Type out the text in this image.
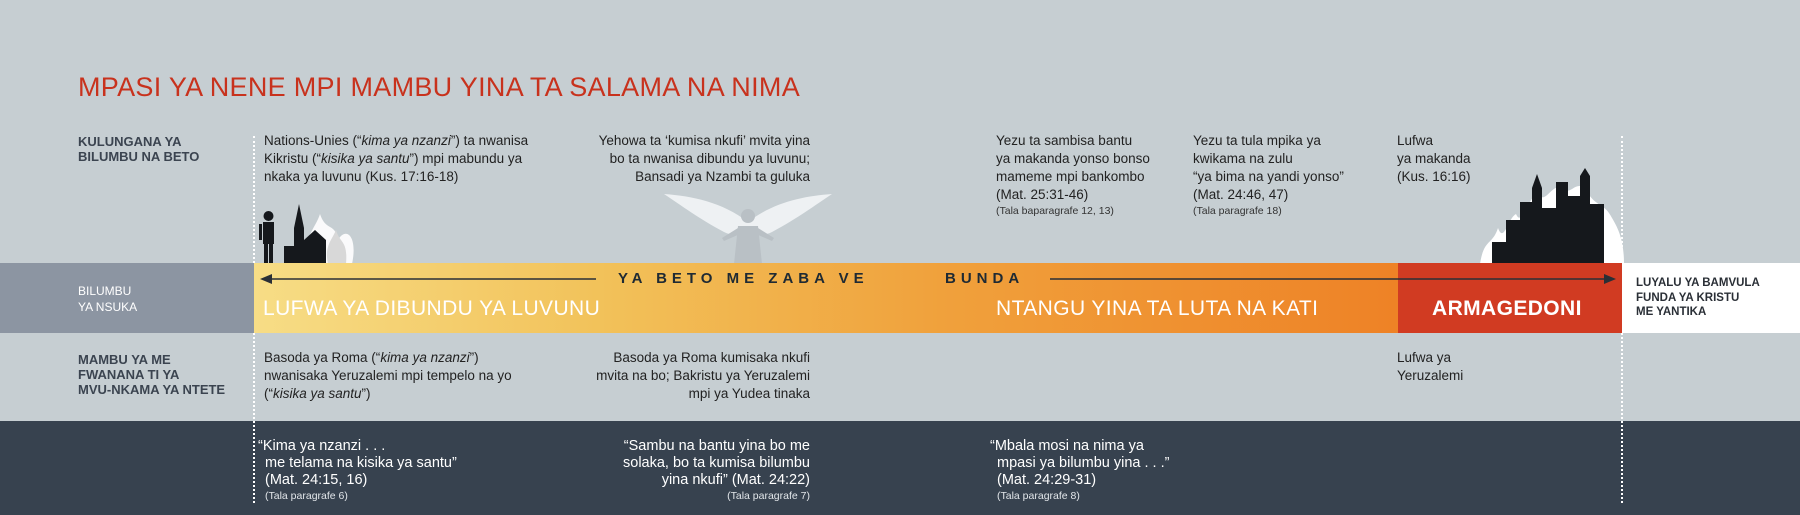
MPASI YA NENE MPI MAMBU YINA TA SALAMA NA NIMA
KULUNGANA YA
BILUMBU NA BETO
MAMBU YA ME
FWANANA TI YA
MVU-NKAMA YA NTETE
Nations-Unies (“kima ya nzanzi”) ta nwanisa Kikristu (“kisika ya santu”) mpi mabundu ya nkaka ya luvunu (Kus. 17:16-18)
Yehowa ta ‘kumisa nkufi’ mvita yina
bo ta nwanisa dibundu ya luvunu;
Bansadi ya Nzambi ta guluka
Yezu ta sambisa bantu
ya makanda yonso bonso
mameme mpi bankombo
(Mat. 25:31-46)
(Tala baparagrafe 12, 13)
Yezu ta tula mpika ya
kwikama na zulu
“ya bima na yandi yonso”
(Mat. 24:46, 47)
(Tala paragrafe 18)
Lufwa
ya makanda
(Kus. 16:16)
BILUMBU
YA NSUKA	LUFWA YA DIBUNDU YA LUVUNU	NTANGU YINA TA LUTA NA KATI	ARMAGEDONI
LUYALU YA BAMVULA
FUNDA YA KRISTU
ME YANTIKA
YA BETO ME ZABA VE	BUNDA
Basoda ya Roma (“kima ya nzanzi”) nwanisaka Yeruzalemi mpi tempelo na yo (“kisika ya santu”)
Basoda ya Roma kumisaka nkufi
mvita na bo; Bakristu ya Yeruzalemi
mpi ya Yudea tinaka
Lufwa ya
Yeruzalemi
“Kima ya nzanzi . . .
me telama na kisika ya santu”
(Mat. 24:15, 16)
(Tala paragrafe 6)
“Sambu na bantu yina bo me
solaka, bo ta kumisa bilumbu
yina nkufi” (Mat. 24:22)
(Tala paragrafe 7)
“Mbala mosi na nima ya
mpasi ya bilumbu yina . . .”
(Mat. 24:29-31)
(Tala paragrafe 8)
